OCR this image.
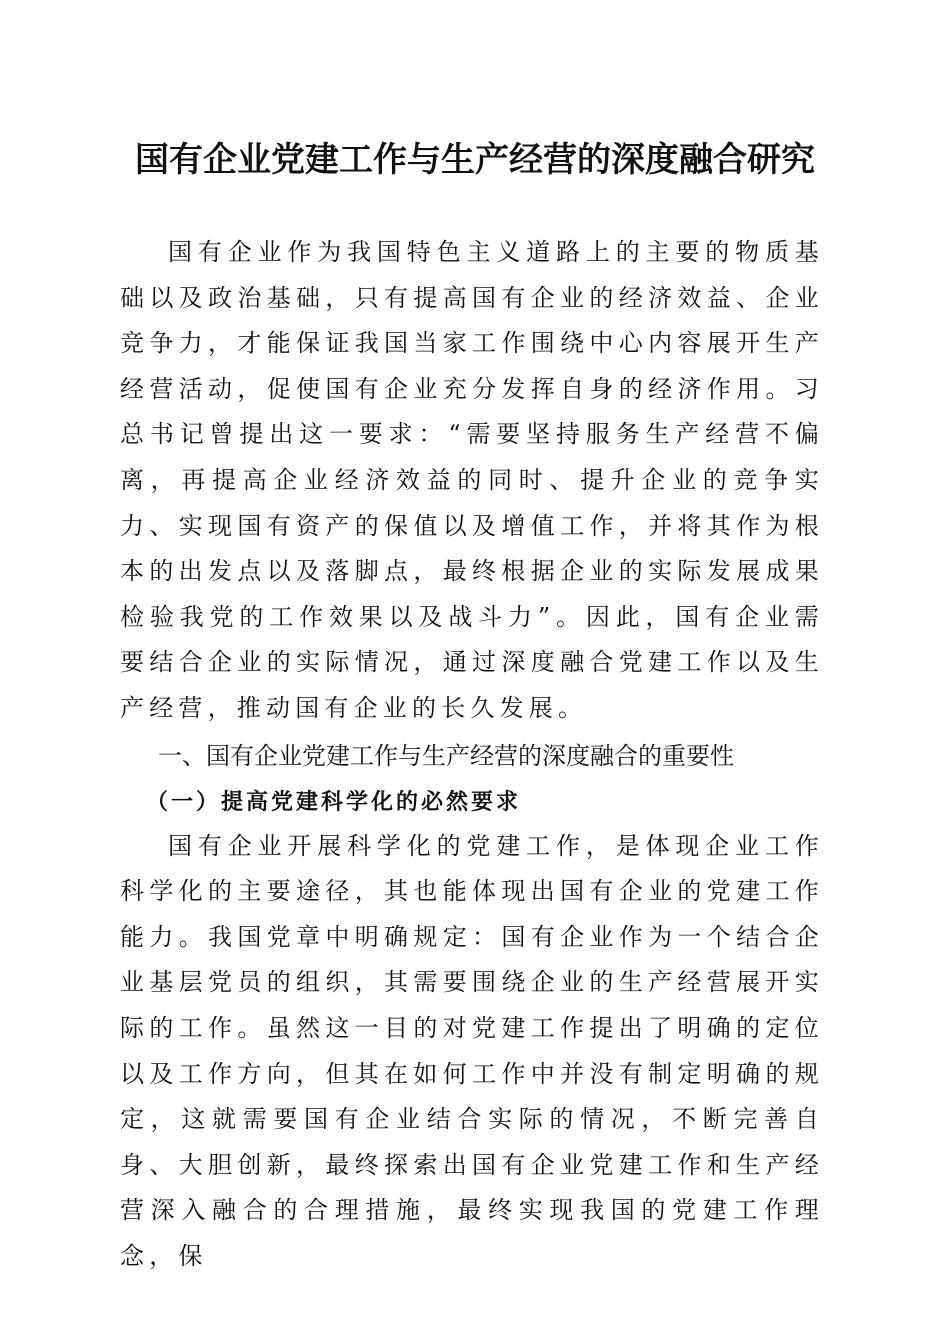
国有企业党建工作与生产经营的深度融合研究

国有企业作为我国特色主义道路上的主要的物质基础以及政治基础，只有提高国有企业的经济效益、企业竞争力，才能保证我国当家工作围绕中心内容展开生产经营活动，促使国有企业充分发挥自身的经济作用。习总书记曾提出这一要求：“需要坚持服务生产经营不偏离，再提高企业经济效益的同时、提升企业的竞争实力、实现国有资产的保值以及增值工作，并将其作为根本的出发点以及落脚点，最终根据企业的实际发展成果检验我党的工作效果以及战斗力”。因此，国有企业需要结合企业的实际情况，通过深度融合党建工作以及生产经营，推动国有企业的长久发展。

一、国有企业党建工作与生产经营的深度融合的重要性

（一）提高党建科学化的必然要求

国有企业开展科学化的党建工作，是体现企业工作科学化的主要途径，其也能体现出国有企业的党建工作能力。我国党章中明确规定：国有企业作为一个结合企业基层党员的组织，其需要围绕企业的生产经营展开实际的工作。虽然这一目的对党建工作提出了明确的定位以及工作方向，但其在如何工作中并没有制定明确的规定，这就需要国有企业结合实际的情况，不断完善自身、大胆创新，最终探索出国有企业党建工作和生产经营深入融合的合理措施，最终实现我国的党建工作理念，保
